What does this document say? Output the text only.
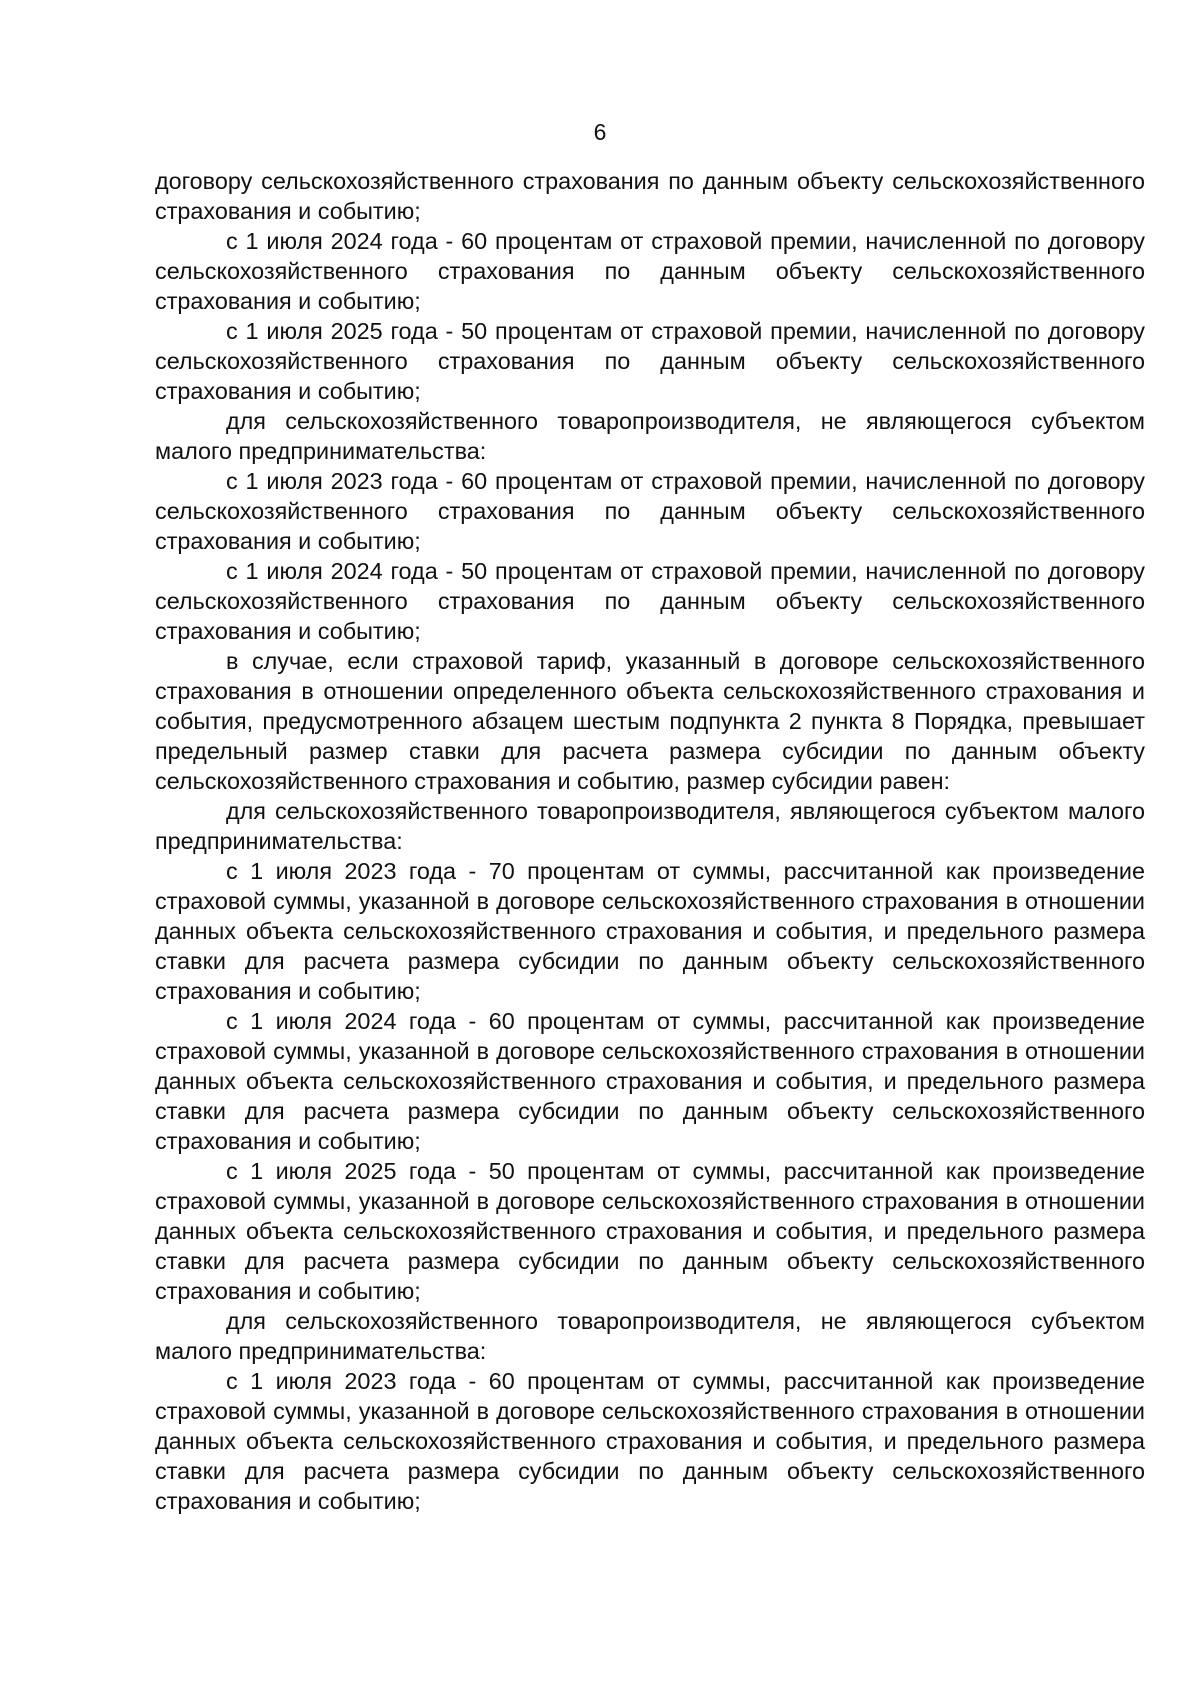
6

договору сельскохозяйственного страхования по данным объекту сельскохозяйственного страхования и событию;

с 1 июля 2024 года - 60 процентам от страховой премии, начисленной по договору сельскохозяйственного страхования по данным объекту сельскохозяйственного страхования и событию;

с 1 июля 2025 года - 50 процентам от страховой премии, начисленной по договору сельскохозяйственного страхования по данным объекту сельскохозяйственного страхования и событию;

для сельскохозяйственного товаропроизводителя, не являющегося субъектом малого предпринимательства:

с 1 июля 2023 года - 60 процентам от страховой премии, начисленной по договору сельскохозяйственного страхования по данным объекту сельскохозяйственного страхования и событию;

с 1 июля 2024 года - 50 процентам от страховой премии, начисленной по договору сельскохозяйственного страхования по данным объекту сельскохозяйственного страхования и событию;

в случае, если страховой тариф, указанный в договоре сельскохозяйственного страхования в отношении определенного объекта сельскохозяйственного страхования и события, предусмотренного абзацем шестым подпункта 2 пункта 8 Порядка, превышает предельный размер ставки для расчета размера субсидии по данным объекту сельскохозяйственного страхования и событию, размер субсидии равен:

для сельскохозяйственного товаропроизводителя, являющегося субъектом малого предпринимательства:

с 1 июля 2023 года - 70 процентам от суммы, рассчитанной как произведение страховой суммы, указанной в договоре сельскохозяйственного страхования в отношении данных объекта сельскохозяйственного страхования и события, и предельного размера ставки для расчета размера субсидии по данным объекту сельскохозяйственного страхования и событию;

с 1 июля 2024 года - 60 процентам от суммы, рассчитанной как произведение страховой суммы, указанной в договоре сельскохозяйственного страхования в отношении данных объекта сельскохозяйственного страхования и события, и предельного размера ставки для расчета размера субсидии по данным объекту сельскохозяйственного страхования и событию;

с 1 июля 2025 года - 50 процентам от суммы, рассчитанной как произведение страховой суммы, указанной в договоре сельскохозяйственного страхования в отношении данных объекта сельскохозяйственного страхования и события, и предельного размера ставки для расчета размера субсидии по данным объекту сельскохозяйственного страхования и событию;

для сельскохозяйственного товаропроизводителя, не являющегося субъектом малого предпринимательства:

с 1 июля 2023 года - 60 процентам от суммы, рассчитанной как произведение страховой суммы, указанной в договоре сельскохозяйственного страхования в отношении данных объекта сельскохозяйственного страхования и события, и предельного размера ставки для расчета размера субсидии по данным объекту сельскохозяйственного страхования и событию;
